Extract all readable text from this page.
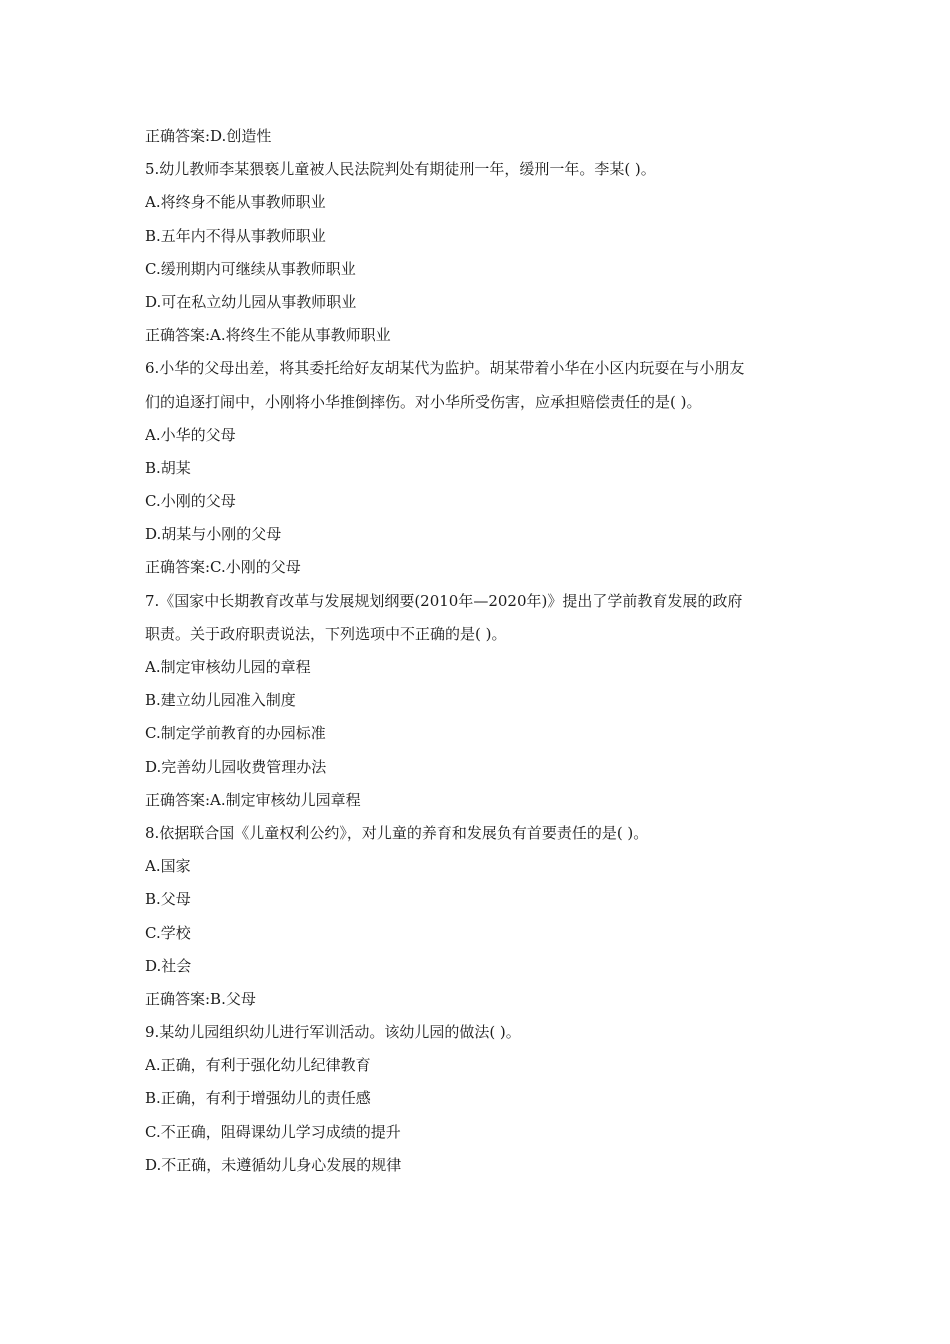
正确答案:D.创造性
5.幼儿教师李某猥亵儿童被人民法院判处有期徒刑一年，缓刑一年。李某( )。
A.将终身不能从事教师职业
B.五年内不得从事教师职业
C.缓刑期内可继续从事教师职业
D.可在私立幼儿园从事教师职业
正确答案:A.将终生不能从事教师职业
6.小华的父母出差，将其委托给好友胡某代为监护。胡某带着小华在小区内玩耍在与小朋友
们的追逐打闹中，小刚将小华推倒摔伤。对小华所受伤害，应承担赔偿责任的是( )。
A.小华的父母
B.胡某
C.小刚的父母
D.胡某与小刚的父母
正确答案:C.小刚的父母
7.《国家中长期教育改革与发展规划纲要(2010年—2020年)》提出了学前教育发展的政府
职责。关于政府职责说法，下列选项中不正确的是( )。
A.制定审核幼儿园的章程
B.建立幼儿园准入制度
C.制定学前教育的办园标准
D.完善幼儿园收费管理办法
正确答案:A.制定审核幼儿园章程
8.依据联合国《儿童权利公约》，对儿童的养育和发展负有首要责任的是( )。
A.国家
B.父母
C.学校
D.社会
正确答案:B.父母
9.某幼儿园组织幼儿进行军训活动。该幼儿园的做法( )。
A.正确，有利于强化幼儿纪律教育
B.正确，有利于增强幼儿的责任感
C.不正确，阻碍课幼儿学习成绩的提升
D.不正确，未遵循幼儿身心发展的规律
